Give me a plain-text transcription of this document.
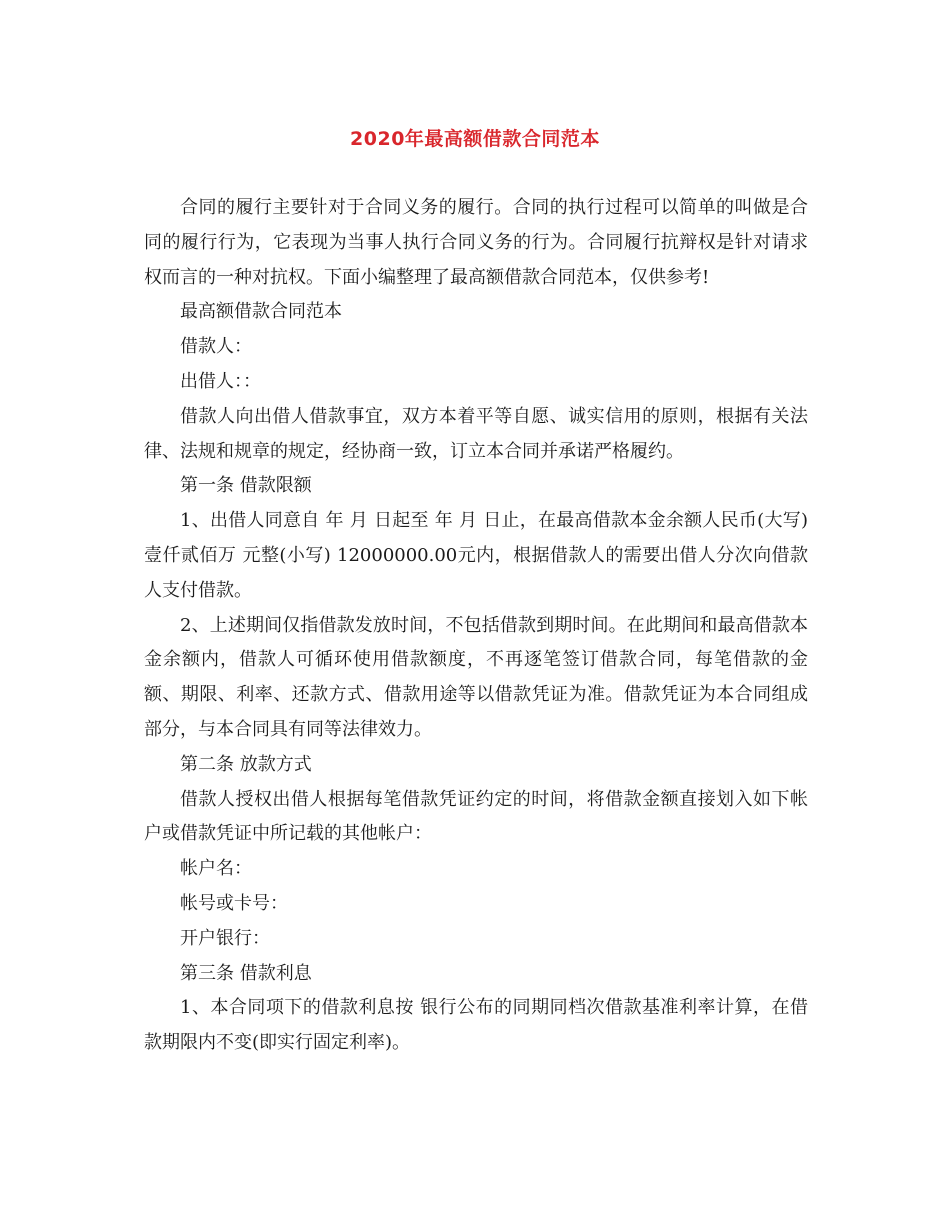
2020年最高额借款合同范本

合同的履行主要针对于合同义务的履行。合同的执行过程可以简单的叫做是合同的履行行为，它表现为当事人执行合同义务的行为。合同履行抗辩权是针对请求权而言的一种对抗权。下面小编整理了最高额借款合同范本，仅供参考!

最高额借款合同范本

借款人：

出借人：：

借款人向出借人借款事宜，双方本着平等自愿、诚实信用的原则，根据有关法律、法规和规章的规定，经协商一致，订立本合同并承诺严格履约。

第一条 借款限额

1、出借人同意自 年 月 日起至 年 月 日止，在最高借款本金余额人民币(大写) 壹仟贰佰万 元整(小写) 12000000.00元内，根据借款人的需要出借人分次向借款人支付借款。

2、上述期间仅指借款发放时间，不包括借款到期时间。在此期间和最高借款本金余额内，借款人可循环使用借款额度，不再逐笔签订借款合同，每笔借款的金额、期限、利率、还款方式、借款用途等以借款凭证为准。借款凭证为本合同组成部分，与本合同具有同等法律效力。

第二条 放款方式

借款人授权出借人根据每笔借款凭证约定的时间，将借款金额直接划入如下帐户或借款凭证中所记载的其他帐户：

帐户名：

帐号或卡号：

开户银行：

第三条 借款利息

1、本合同项下的借款利息按 银行公布的同期同档次借款基准利率计算，在借款期限内不变(即实行固定利率)。
